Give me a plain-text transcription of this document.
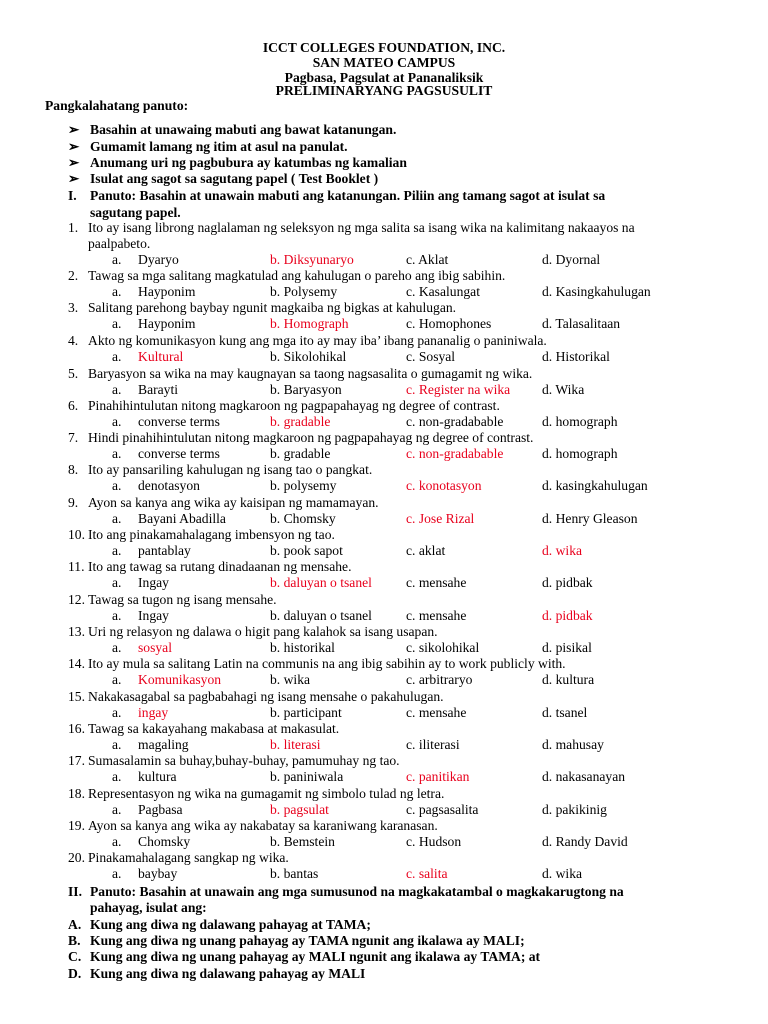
ICCT COLLEGES FOUNDATION, INC.
SAN MATEO CAMPUS
Pagbasa, Pagsulat at Pananaliksik
PRELIMINARYANG PAGSUSULIT
Pangkalahatang panuto:
➢ Basahin at unawaing mabuti ang bawat katanungan.
➢ Gumamit lamang ng itim at asul na panulat.
➢ Anumang uri ng pagbubura ay katumbas ng kamalian
➢ Isulat ang sagot sa sagutang papel ( Test Booklet )
I. Panuto: Basahin at unawain mabuti ang katanungan. Piliin ang tamang sagot at isulat sa
sagutang papel.
1. Ito ay isang librong naglalaman ng seleksyon ng mga salita sa isang wika na kalimitang nakaayos na
paalpabeto.
a. Dyaryo	b. Diksyunaryo	c. Aklat	d. Dyornal
2. Tawag sa mga salitang magkatulad ang kahulugan o pareho ang ibig sabihin.
a. Hayponim	b. Polysemy	c. Kasalungat	d. Kasingkahulugan
3. Salitang parehong baybay ngunit magkaiba ng bigkas at kahulugan.
a. Hayponim	b. Homograph	c. Homophones	d. Talasalitaan
4. Akto ng komunikasyon kung ang mga ito ay may iba’ ibang pananalig o paniniwala.
a. Kultural	b. Sikolohikal	c. Sosyal	d. Historikal
5. Baryasyon sa wika na may kaugnayan sa taong nagsasalita o gumagamit ng wika.
a. Barayti	b. Baryasyon	c. Register na wika d. Wika
6. Pinahihintulutan nitong magkaroon ng pagpapahayag ng degree of contrast.
a. converse terms	b. gradable	c. non-gradabable	d. homograph
7. Hindi pinahihintulutan nitong magkaroon ng pagpapahayag ng degree of contrast.
a. converse terms	b. gradable	c. non-gradabable	d. homograph
8. Ito ay pansariling kahulugan ng isang tao o pangkat.
a. denotasyon	b. polysemy	c. konotasyon	d. kasingkahulugan
9. Ayon sa kanya ang wika ay kaisipan ng mamamayan.
a. Bayani Abadilla	b. Chomsky	c. Jose Rizal	d. Henry Gleason
10. Ito ang pinakamahalagang imbensyon ng tao.
a. pantablay	b. pook sapot	c. aklat	d. wika
11. Ito ang tawag sa rutang dinadaanan ng mensahe.
a. Ingay	b. daluyan o tsanel	c. mensahe	d. pidbak
12. Tawag sa tugon ng isang mensahe.
a. Ingay	b. daluyan o tsanel	c. mensahe	d. pidbak
13. Uri ng relasyon ng dalawa o higit pang kalahok sa isang usapan.
a. sosyal	b. historikal	c. sikolohikal	d. pisikal
14. Ito ay mula sa salitang Latin na communis na ang ibig sabihin ay to work publicly with.
a. Komunikasyon	b. wika	c. arbitraryo	d. kultura
15. Nakakasagabal sa pagbabahagi ng isang mensahe o pakahulugan.
a. ingay	b. participant	c. mensahe	d. tsanel
16. Tawag sa kakayahang makabasa at makasulat.
a. magaling	b. literasi	c. iliterasi	d. mahusay
17. Sumasalamin sa buhay,buhay-buhay, pamumuhay ng tao.
a. kultura	b. paniniwala	c. panitikan	d. nakasanayan
18. Representasyon ng wika na gumagamit ng simbolo tulad ng letra.
a. Pagbasa	b. pagsulat	c. pagsasalita	d. pakikinig
19. Ayon sa kanya ang wika ay nakabatay sa karaniwang karanasan.
a. Chomsky	b. Bemstein	c. Hudson	d. Randy David
20. Pinakamahalagang sangkap ng wika.
a. baybay	b. bantas	c. salita	d. wika
II. Panuto: Basahin at unawain ang mga sumusunod na magkakatambal o magkakarugtong na
pahayag, isulat ang:
A. Kung ang diwa ng dalawang pahayag at TAMA;
B. Kung ang diwa ng unang pahayag ay TAMA ngunit ang ikalawa ay MALI;
C. Kung ang diwa ng unang pahayag ay MALI ngunit ang ikalawa ay TAMA; at
D. Kung ang diwa ng dalawang pahayag ay MALI
